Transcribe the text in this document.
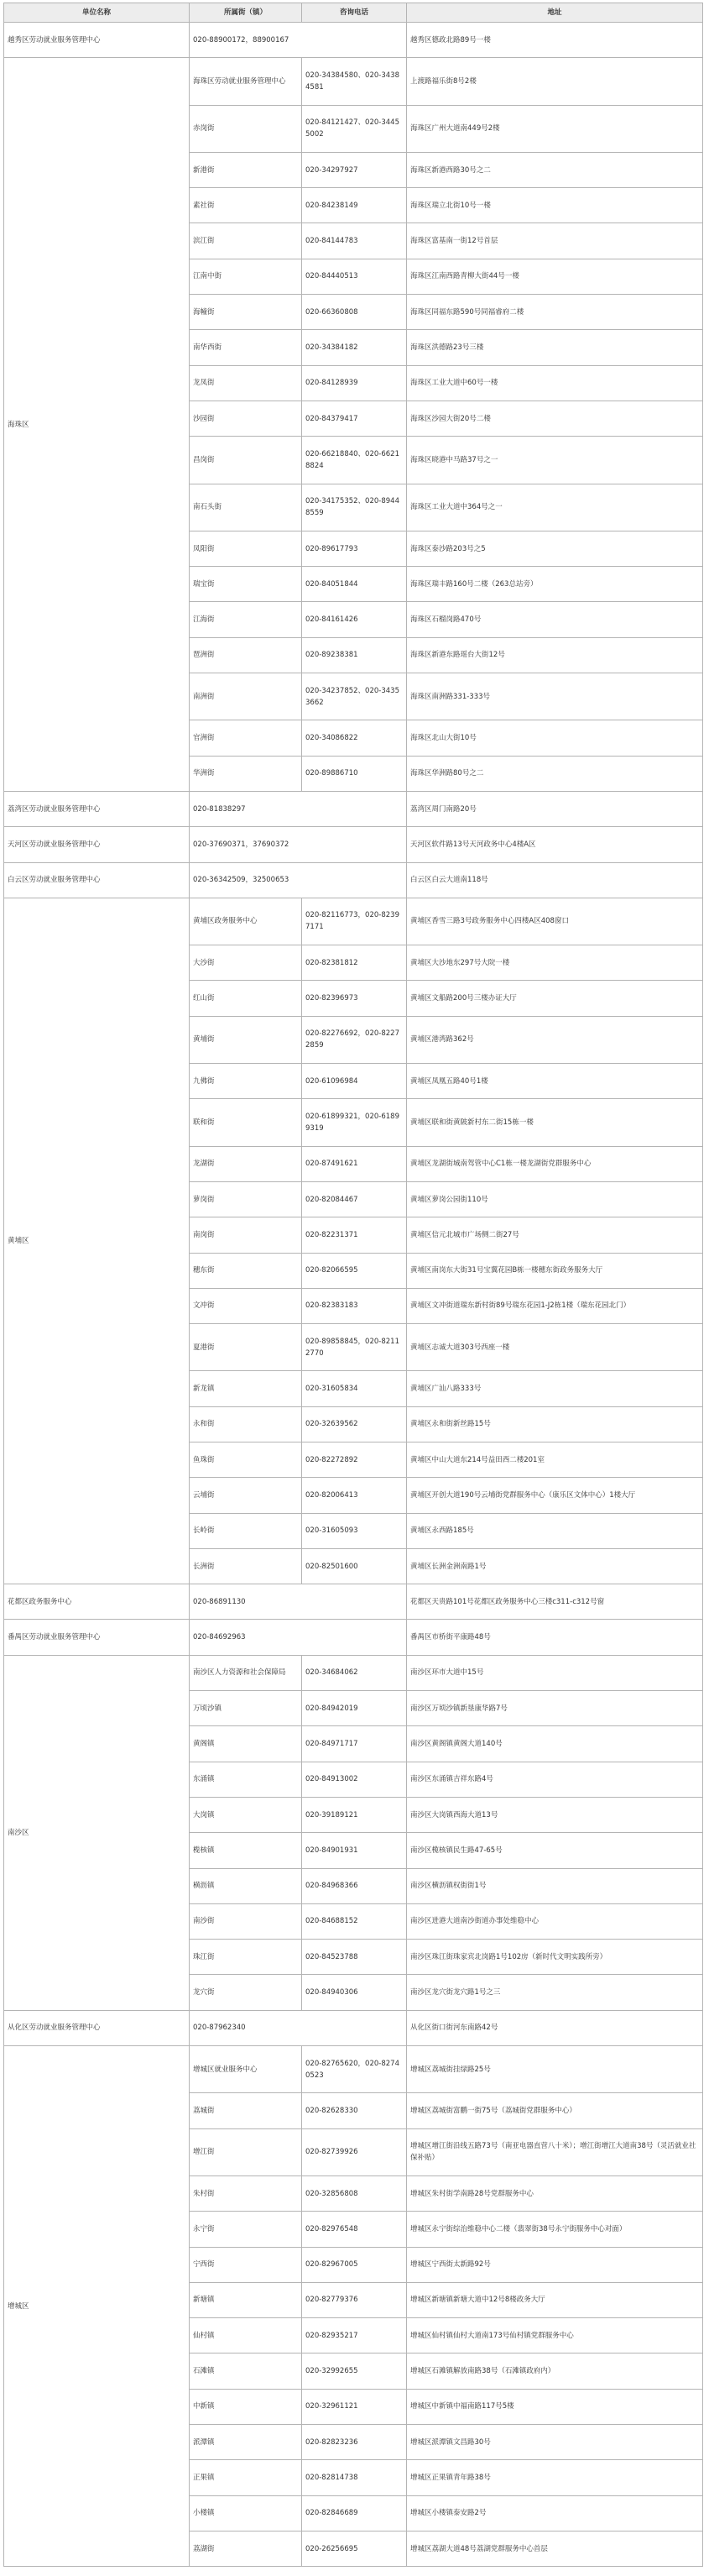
单位名称	所属街（镇）	咨询电话	地址
越秀区劳动就业服务管理中心	020-88900172，88900167		越秀区德政北路89号一楼
海珠区	海珠区劳动就业服务管理中心	020-34384580、020-34384581	上渡路福乐街8号2楼
	赤岗街	020-84121427、020-34455002	海珠区广州大道南449号2楼
	新港街	020-34297927	海珠区新港西路30号之二
	素社街	020-84238149	海珠区瑞立北街10号一楼
	滨江街	020-84144783	海珠区富基南一街12号首层
	江南中街	020-84440513	海珠区江南西路青柳大街44号一楼
	海幢街	020-66360808	海珠区同福东路590号同福睿府二楼
	南华西街	020-34384182	海珠区洪德路23号三楼
	龙凤街	020-84128939	海珠区工业大道中60号一楼
	沙园街	020-84379417	海珠区沙园大街20号二楼
	昌岗街	020-66218840、020-66218824	海珠区晓港中马路37号之一
	南石头街	020-34175352、020-89448559	海珠区工业大道中364号之一
	凤阳街	020-89617793	海珠区泰沙路203号之5
	瑞宝街	020-84051844	海珠区瑞丰路160号二楼（263总站旁）
	江海街	020-84161426	海珠区石榴岗路470号
	琶洲街	020-89238381	海珠区新港东路瑶台大街12号
	南洲街	020-34237852、020-34353662	海珠区南洲路331-333号
	官洲街	020-34086822	海珠区北山大街10号
	华洲街	020-89886710	海珠区华洲路80号之二
荔湾区劳动就业服务管理中心	020-81838297		荔湾区周门南路20号
天河区劳动就业服务管理中心	020-37690371，37690372		天河区软件路13号天河政务中心4楼A区
白云区劳动就业服务管理中心	020-36342509，32500653		白云区白云大道南118号
黄埔区	黄埔区政务服务中心	020-82116773，020-82397171	黄埔区香雪三路3号政务服务中心四楼A区408窗口
	大沙街	020-82381812	黄埔区大沙地东297号大院一楼
	红山街	020-82396973	黄埔区文船路200号三楼办证大厅
	黄埔街	020-82276692，020-82272859	黄埔区港湾路362号
	九佛街	020-61096984	黄埔区凤凰五路40号1楼
	联和街	020-61899321，020-61899319	黄埔区联和街黄陂新村东二街15栋一楼
	龙湖街	020-87491621	黄埔区龙湖街城南驾管中心C1栋一楼龙湖街党群服务中心
	萝岗街	020-82084467	黄埔区萝岗公园街110号
	南岗街	020-82231371	黄埔区信元北城市广场侧二街27号
	穗东街	020-82066595	黄埔区南岗东大街31号宝翼花园B栋一楼穗东街政务服务大厅
	文冲街	020-82383183	黄埔区文冲街道瑞东新村街89号瑞东花园1-J2栋1楼（瑞东花园北门）
	夏港街	020-89858845，020-82112770	黄埔区志诚大道303号西座一楼
	新龙镇	020-31605834	黄埔区广汕八路333号
	永和街	020-32639562	黄埔区永和街新丝路15号
	鱼珠街	020-82272892	黄埔区中山大道东214号益田西二楼201室
	云埔街	020-82006413	黄埔区开创大道190号云埔街党群服务中心（康乐区文体中心）1楼大厅
	长岭街	020-31605093	黄埔区永西路185号
	长洲街	020-82501600	黄埔区长洲金洲南路1号
花都区政务服务中心	020-86891130		花都区天贵路101号花都区政务服务中心三楼c311-c312号窗
番禺区劳动就业服务管理中心	020-84692963		番禺区市桥街平康路48号
南沙区	南沙区人力资源和社会保障局	020-34684062	南沙区环市大道中15号
	万顷沙镇	020-84942019	南沙区万顷沙镇新垦康华路7号
	黄阁镇	020-84971717	南沙区黄阁镇黄阁大道140号
	东涌镇	020-84913002	南沙区东涌镇吉祥东路4号
	大岗镇	020-39189121	南沙区大岗镇西海大道13号
	榄核镇	020-84901931	南沙区榄核镇民生路47-65号
	横沥镇	020-84968366	南沙区横沥镇权街街1号
	南沙街	020-84688152	南沙区进港大道南沙街道办事处维稳中心
	珠江街	020-84523788	南沙区珠江街珠家宾北岗路1号102房（新时代文明实践所旁）
	龙穴街	020-84940306	南沙区龙穴街龙穴路1号之三
从化区劳动就业服务管理中心	020-87962340		从化区街口街河东南路42号
增城区	增城区就业服务中心	020-82765620，020-82740523	增城区荔城街挂绿路25号
	荔城街	020-82628330	增城区荔城街富鹏一街75号（荔城街党群服务中心）
	增江街	020-82739926	增城区增江街沿线五路73号（南亚电器直营八十米）；增江街增江大道南38号（灵活就业社保补贴）
	朱村街	020-32856808	增城区朱村街学南路28号党群服务中心
	永宁街	020-82976548	增城区永宁街综治维稳中心二楼（翡翠街38号永宁街服务中心对面）
	宁西街	020-82967005	增城区宁西街太新路92号
	新塘镇	020-82779376	增城区新塘镇新塘大道中12号8楼政务大厅
	仙村镇	020-82935217	增城区仙村镇仙村大道南173号仙村镇党群服务中心
	石滩镇	020-32992655	增城区石滩镇解放南路38号（石滩镇政府内）
	中新镇	020-32961121	增城区中新镇中福南路117号5楼
	派潭镇	020-82823236	增城区派潭镇文昌路30号
	正果镇	020-82814738	增城区正果镇青年路38号
	小楼镇	020-82846689	增城区小楼镇泰安路2号
	荔湖街	020-26256695	增城区荔湖大道48号荔湖党群服务中心首层
